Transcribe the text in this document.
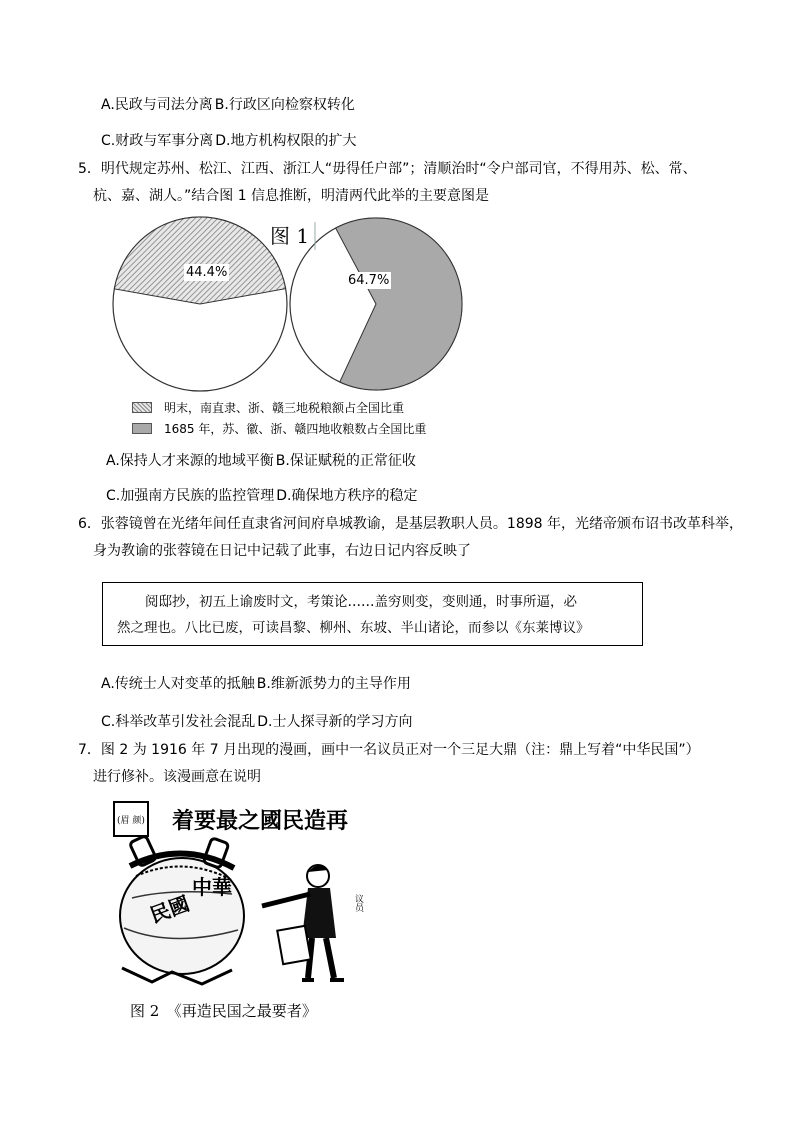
A.民政与司法分离 B.行政区向检察权转化
C.财政与军事分离 D.地方机构权限的扩大
5．明代规定苏州、松江、江西、浙江人“毋得任户部”；清顺治时“令户部司官，不得用苏、松、常、
杭、嘉、湖人。”结合图 1 信息推断，明清两代此举的主要意图是
图 1
44.4%
64.7%
明末，南直隶、浙、赣三地税粮额占全国比重
1685 年，苏、徽、浙、赣四地收粮数占全国比重
A.保持人才来源的地域平衡 B.保证赋税的正常征收
C.加强南方民族的监控管理 D.确保地方秩序的稳定
6．张蓉镜曾在光绪年间任直隶省河间府阜城教谕，是基层教职人员。1898 年，光绪帝颁布诏书改革科举，
身为教谕的张蓉镜在日记中记载了此事，右边日记内容反映了
阅邸抄，初五上谕废时文，考策论……盖穷则变，变则通，时事所逼，必
然之理也。八比已废，可读昌黎、柳州、东坡、半山诸论，而参以《东莱博议》
A.传统士人对变革的抵触 B.维新派势力的主导作用
C.科举改革引发社会混乱 D.士人探寻新的学习方向
7．图 2 为 1916 年 7 月出现的漫画，画中一名议员正对一个三足大鼎（注：鼎上写着“中华民国”）
进行修补。该漫画意在说明
(眉 颜) 着要最之國民造再
民國
中華
议员
图 2　《再造民国之最要者》
